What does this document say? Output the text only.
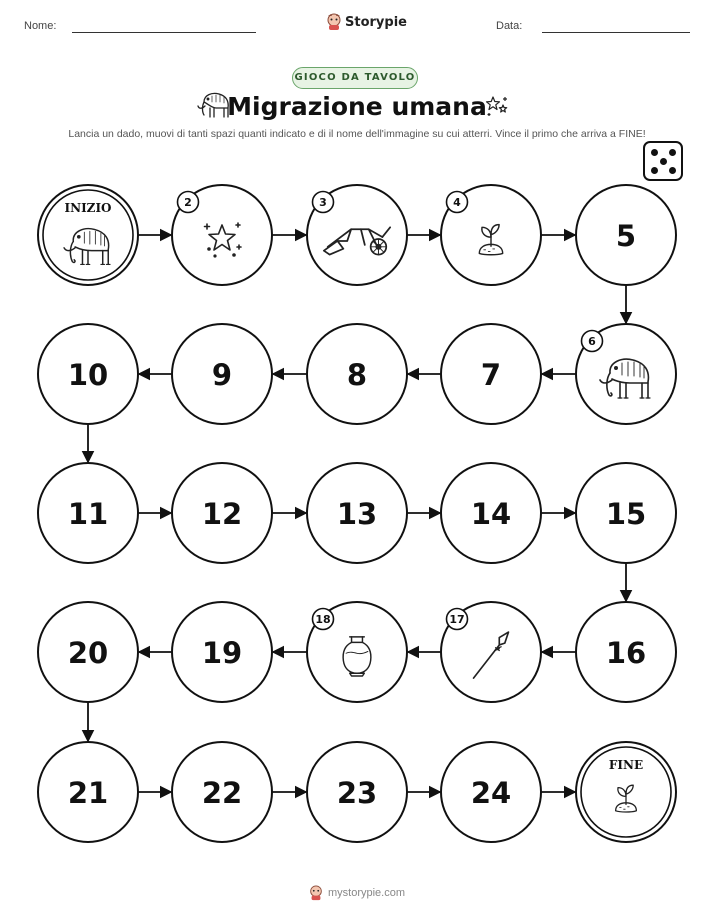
Nome:	Storypie	Data:
GIOCO DA TAVOLO
Migrazione umana
Lancia un dado, muovi di tanti spazi quanti indicato e di il nome dell'immagine su cui atterri. Vince il primo che arriva a FINE!
INIZIO	2	3	4
5
6
7
8
9
10
11	12	13	14	15
16
17
18
19
20
21	22	23	24
FINE
mystorypie.com
